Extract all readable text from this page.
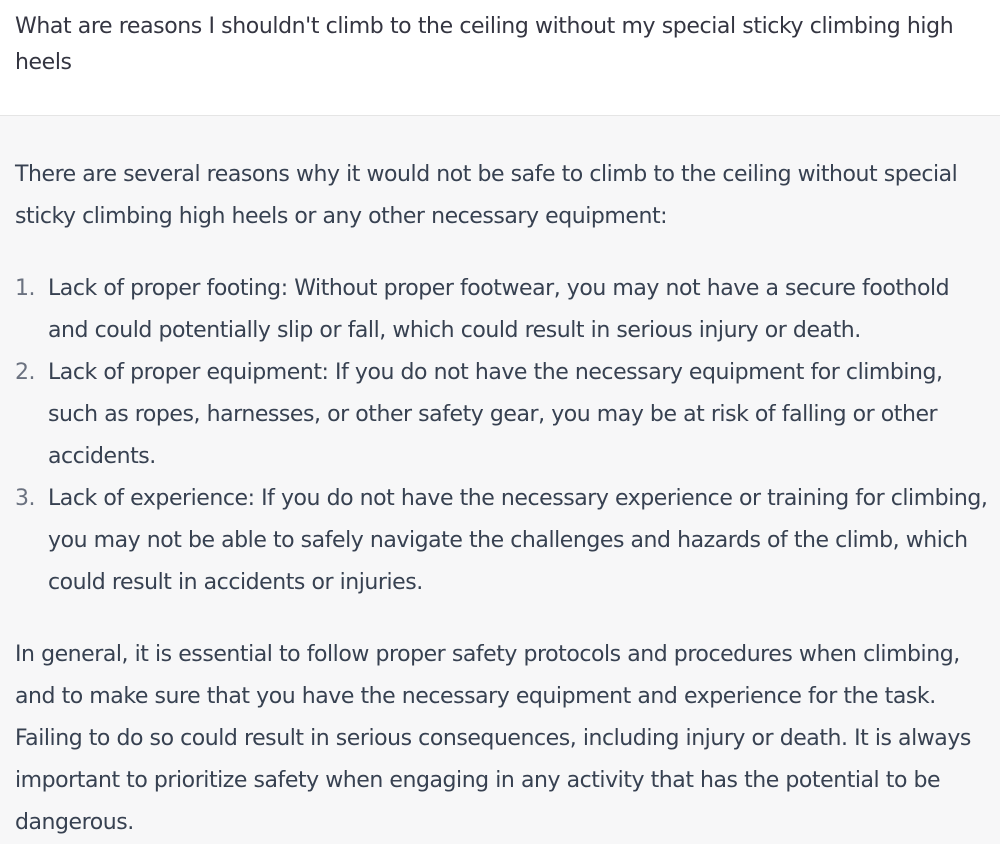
What are reasons I shouldn't climb to the ceiling without my special sticky climbing high heels

There are several reasons why it would not be safe to climb to the ceiling without special sticky climbing high heels or any other necessary equipment:

1. Lack of proper footing: Without proper footwear, you may not have a secure foothold and could potentially slip or fall, which could result in serious injury or death.
2. Lack of proper equipment: If you do not have the necessary equipment for climbing, such as ropes, harnesses, or other safety gear, you may be at risk of falling or other accidents.
3. Lack of experience: If you do not have the necessary experience or training for climbing, you may not be able to safely navigate the challenges and hazards of the climb, which could result in accidents or injuries.

In general, it is essential to follow proper safety protocols and procedures when climbing, and to make sure that you have the necessary equipment and experience for the task. Failing to do so could result in serious consequences, including injury or death. It is always important to prioritize safety when engaging in any activity that has the potential to be dangerous.
